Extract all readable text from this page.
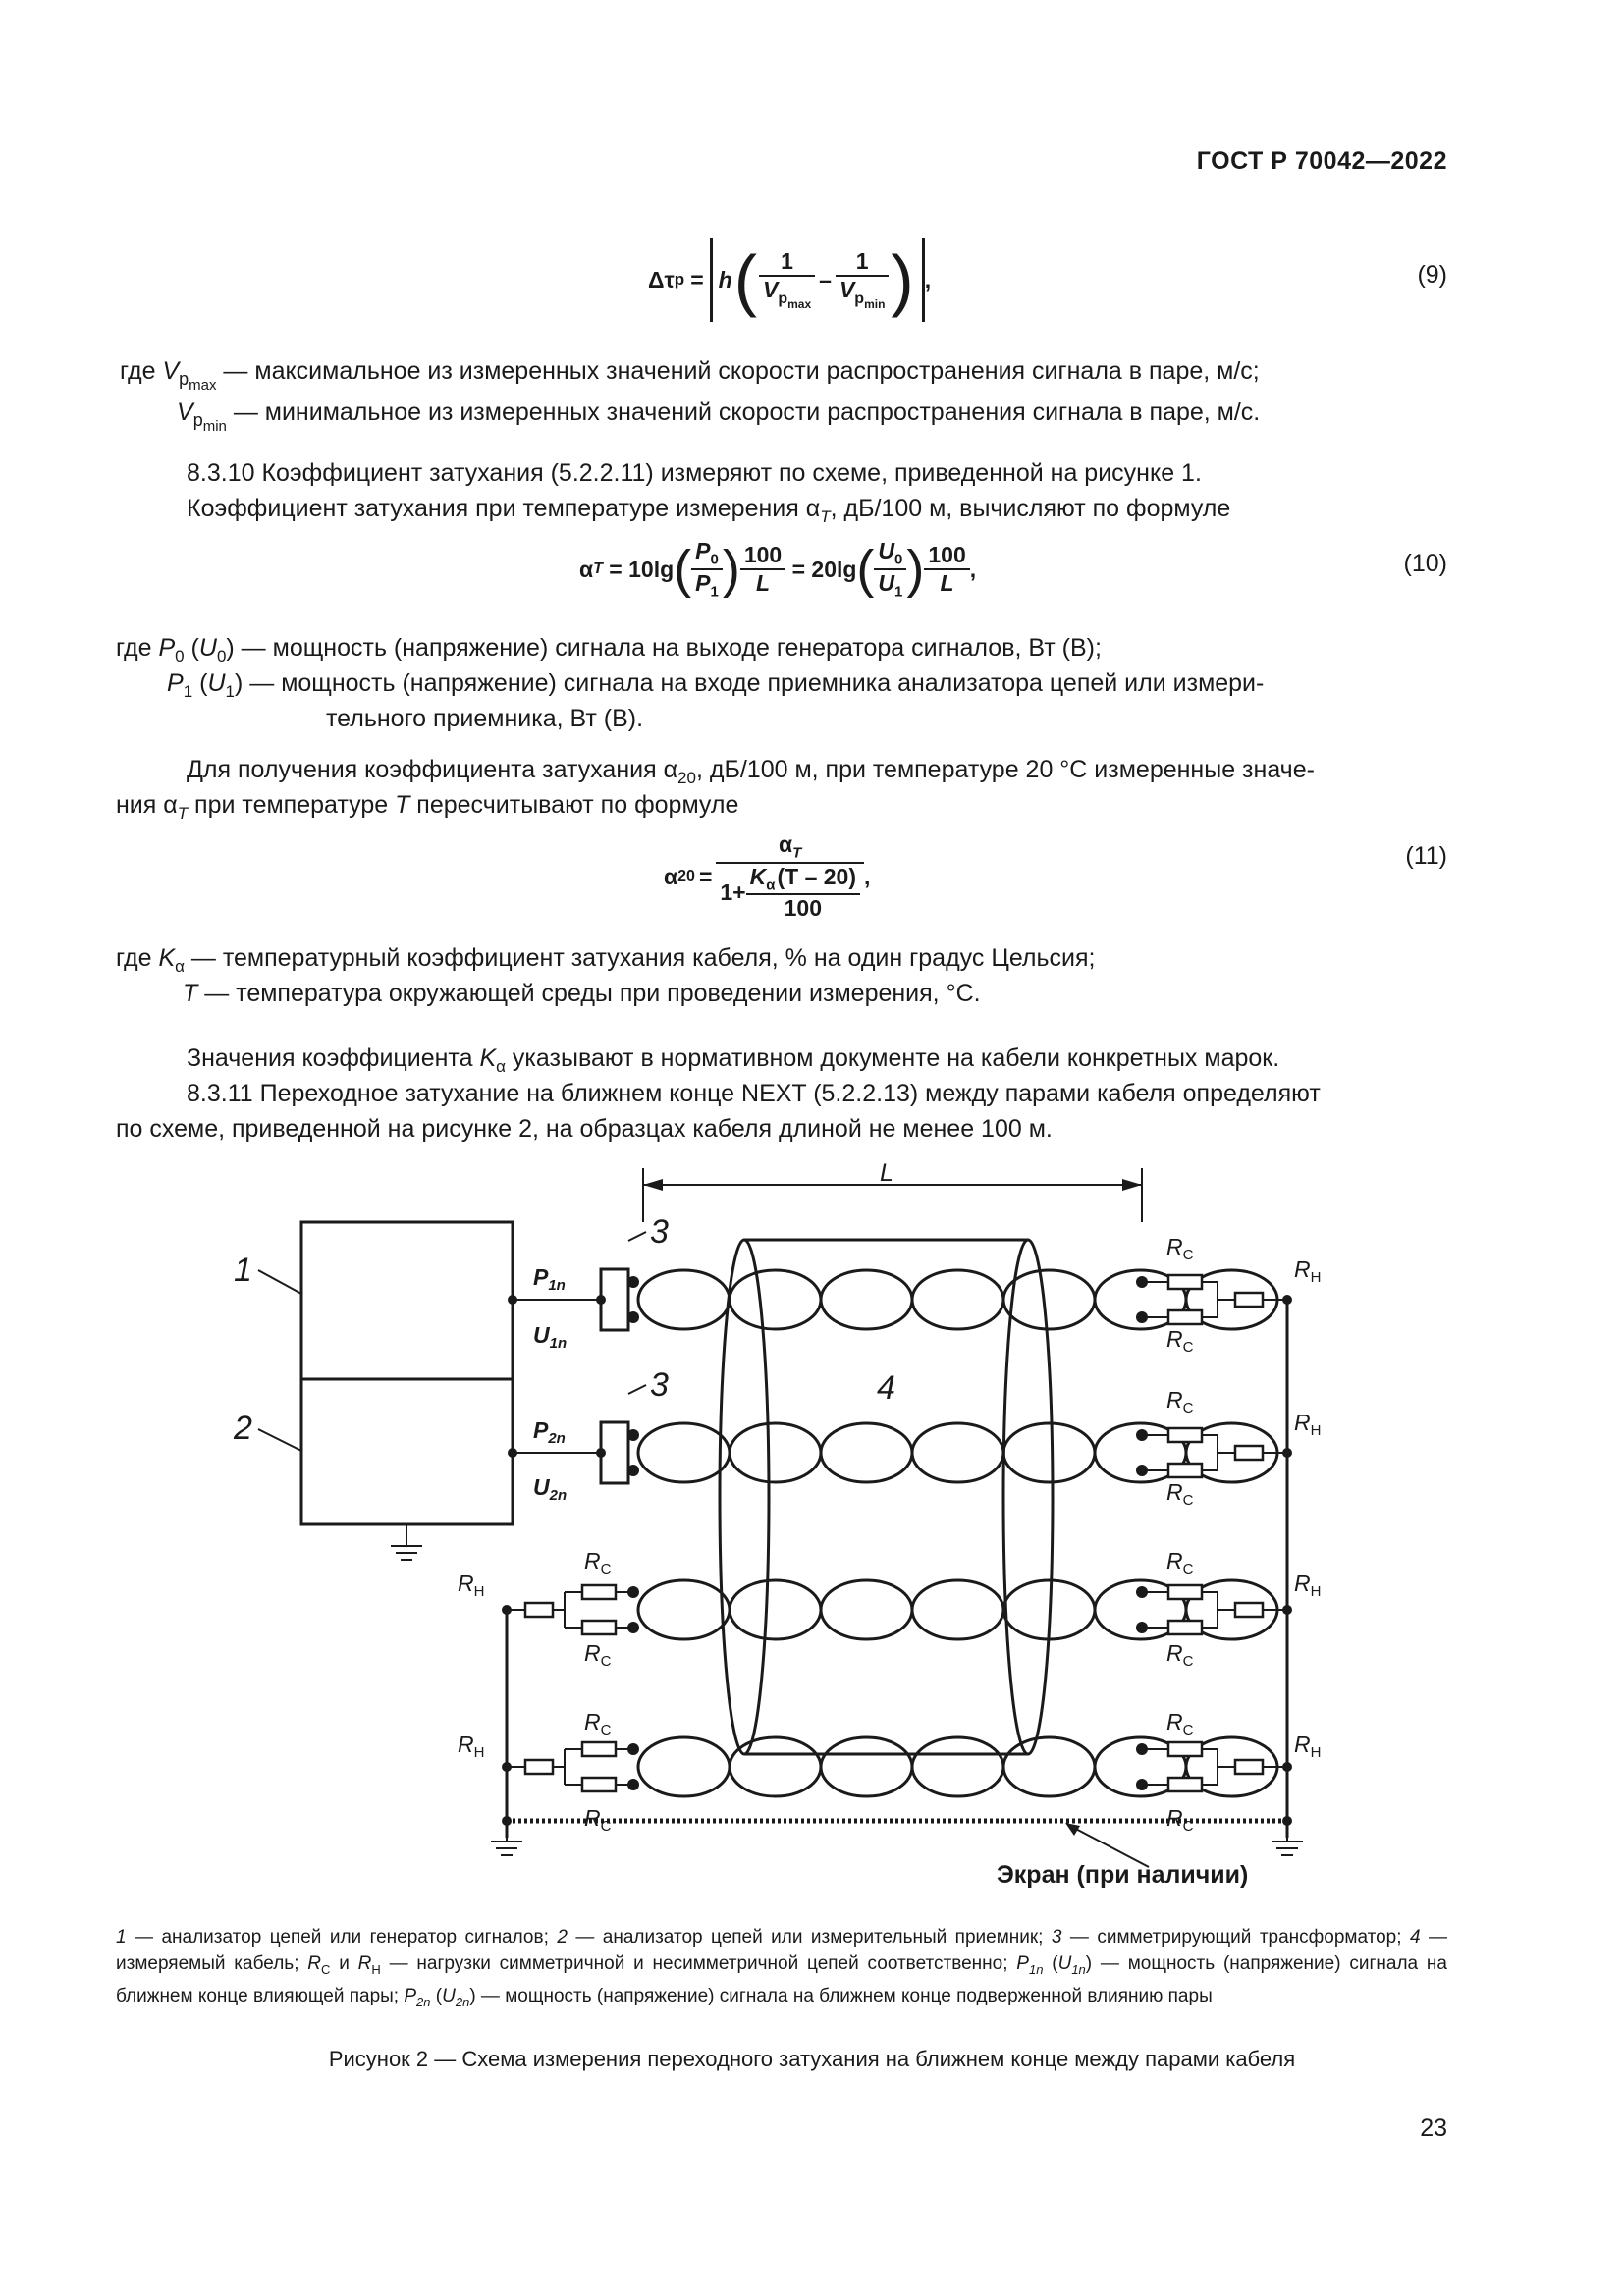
ГОСТ Р 70042—2022
Δτ p = h ( $\frac{1}{V_{p_{max}}} - \frac{1}{V_{p_{min}}}$ ) ,	(9)
где $V_{p_{max}}$ — максимальное из измеренных значений скорости распространения сигнала в паре, м/с;
$V_{p_{min}}$ — минимальное из измеренных значений скорости распространения сигнала в паре, м/с.
8.3.10 Коэффициент затухания (5.2.2.11) измеряют по схеме, приведенной на рисунке 1.
Коэффициент затухания при температуре измерения $\alpha_T$, дБ/100 м, вычисляют по формуле
α T = 10lg ( $\frac{P_0}{P_1}$ ) $\frac{100}{L} = 20\lg$ ( $\frac{U_0}{U_1}$ ) $\frac{100}{L}$ ,	(10)
где $P_0$ $(U_0)$ — мощность (напряжение) сигнала на выходе генератора сигналов, Вт (В);
$P_1$ $(U_1)$ — мощность (напряжение) сигнала на входе приемника анализатора цепей или измери-
тельного приемника, Вт (В).
Для получения коэффициента затухания $\alpha_{20}$, дБ/100 м, при температуре 20 °С измеренные значе-
ния $\alpha_T$ при температуре T пересчитывают по формуле
α $20 = \frac{\alpha_T}{1+ \frac{K_\alpha(T - 20)}{100}}$ ,
(11)
где $K_\alpha$ — температурный коэффициент затухания кабеля, % на один градус Цельсия;
T — температура окружающей среды при проведении измерения, °С.
Значения коэффициента $K_\alpha$ указывают в нормативном документе на кабели конкретных марок.
8.3.11 Переходное затухание на ближнем конце NEXT (5.2.2.13) между парами кабеля определяют
по схеме, приведенной на рисунке 2, на образцах кабеля длиной не менее 100 м.
L
1
2
3
3	4
$P_{1n}$
$U_{1n}$
$P_{2n}$
$U_{2n}$
$R_C$
$R_C$
$R_H$
$R_C$
$R_C$
$R_H$
$R_C$
$R_C$
$R_H$
$R_C$
$R_H$
$R_C$
$R_C$
$R_C$
$R_H$
$R_C$
$R_H$
$R_C$
Экран (при наличии)
1 — анализатор цепей или генератор сигналов; 2 — анализатор цепей или измерительный приемник; 3 — симметрирующий трансформатор; 4 — измеряемый кабель; $R_C$ и $R_H$ — нагрузки симметричной и несимметричной цепей соответственно; $P_{1n}$ $(U_{1n})$ — мощность (напряжение) сигнала на ближнем конце влияющей пары; $P_{2n}$ $(U_{2n})$ — мощность (напряжение) сигнала на ближнем конце подверженной влиянию пары
Рисунок 2 — Схема измерения переходного затухания на ближнем конце между парами кабеля
23
